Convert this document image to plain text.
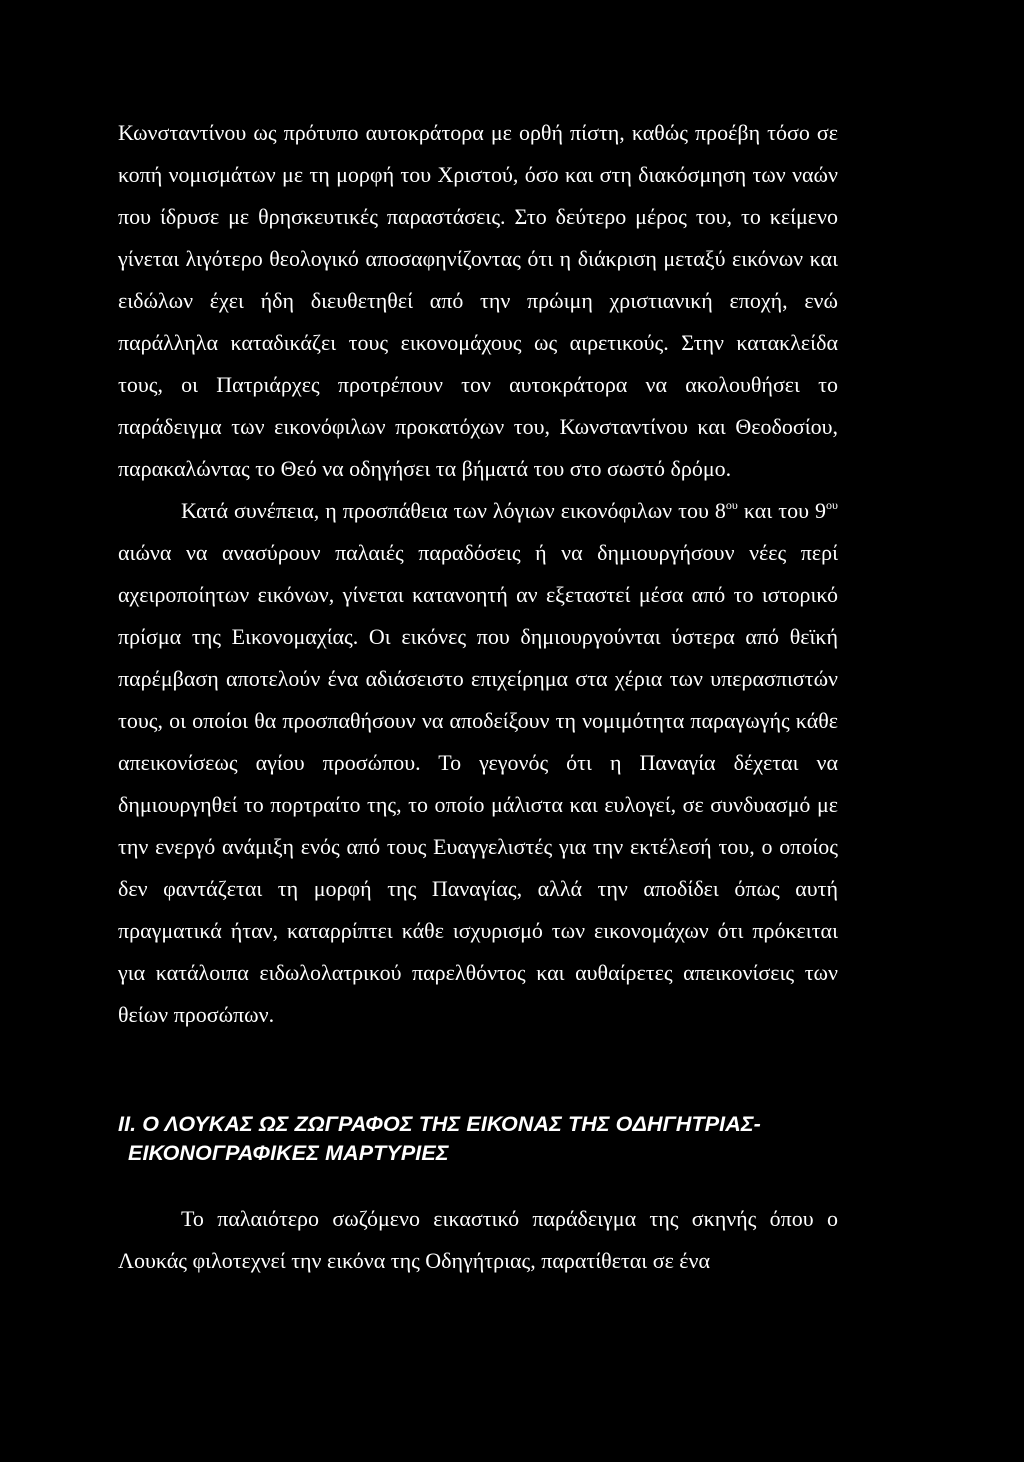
Κωνσταντίνου ως πρότυπο αυτοκράτορα με ορθή πίστη, καθώς προέβη τόσο σε κοπή νομισμάτων με τη μορφή του Χριστού, όσο και στη διακόσμηση των ναών που ίδρυσε με θρησκευτικές παραστάσεις. Στο δεύτερο μέρος του, το κείμενο γίνεται λιγότερο θεολογικό αποσαφηνίζοντας ότι η διάκριση μεταξύ εικόνων και ειδώλων έχει ήδη διευθετηθεί από την πρώιμη χριστιανική εποχή, ενώ παράλληλα καταδικάζει τους εικονομάχους ως αιρετικούς. Στην κατακλείδα τους, οι Πατριάρχες προτρέπουν τον αυτοκράτορα να ακολουθήσει το παράδειγμα των εικονόφιλων προκατόχων του, Κωνσταντίνου και Θεοδοσίου, παρακαλώντας το Θεό να οδηγήσει τα βήματά του στο σωστό δρόμο.

Κατά συνέπεια, η προσπάθεια των λόγιων εικονόφιλων του $8^{o\upsilon}$ και του $9^{o\upsilon}$ αιώνα να ανασύρουν παλαιές παραδόσεις ή να δημιουργήσουν νέες περί αχειροποίητων εικόνων, γίνεται κατανοητή αν εξεταστεί μέσα από το ιστορικό πρίσμα της Εικονομαχίας. Οι εικόνες που δημιουργούνται ύστερα από θεϊκή παρέμβαση αποτελούν ένα αδιάσειστο επιχείρημα στα χέρια των υπερασπιστών τους, οι οποίοι θα προσπαθήσουν να αποδείξουν τη νομιμότητα παραγωγής κάθε απεικονίσεως αγίου προσώπου. Το γεγονός ότι η Παναγία δέχεται να δημιουργηθεί το πορτραίτο της, το οποίο μάλιστα και ευλογεί, σε συνδυασμό με την ενεργό ανάμιξη ενός από τους Ευαγγελιστές για την εκτέλεσή του, ο οποίος δεν φαντάζεται τη μορφή της Παναγίας, αλλά την αποδίδει όπως αυτή πραγματικά ήταν, καταρρίπτει κάθε ισχυρισμό των εικονομάχων ότι πρόκειται για κατάλοιπα ειδωλολατρικού παρελθόντος και αυθαίρετες απεικονίσεις των θείων προσώπων.

ΙΙ. Ο ΛΟΥΚΑΣ ΩΣ ΖΩΓΡΑΦΟΣ ΤΗΣ ΕΙΚΟΝΑΣ ΤΗΣ ΟΔΗΓΗΤΡΙΑΣ-
ΕΙΚΟΝΟΓΡΑΦΙΚΕΣ ΜΑΡΤΥΡΙΕΣ

Το παλαιότερο σωζόμενο εικαστικό παράδειγμα της σκηνής όπου ο Λουκάς φιλοτεχνεί την εικόνα της Οδηγήτριας, παρατίθεται σε ένα
